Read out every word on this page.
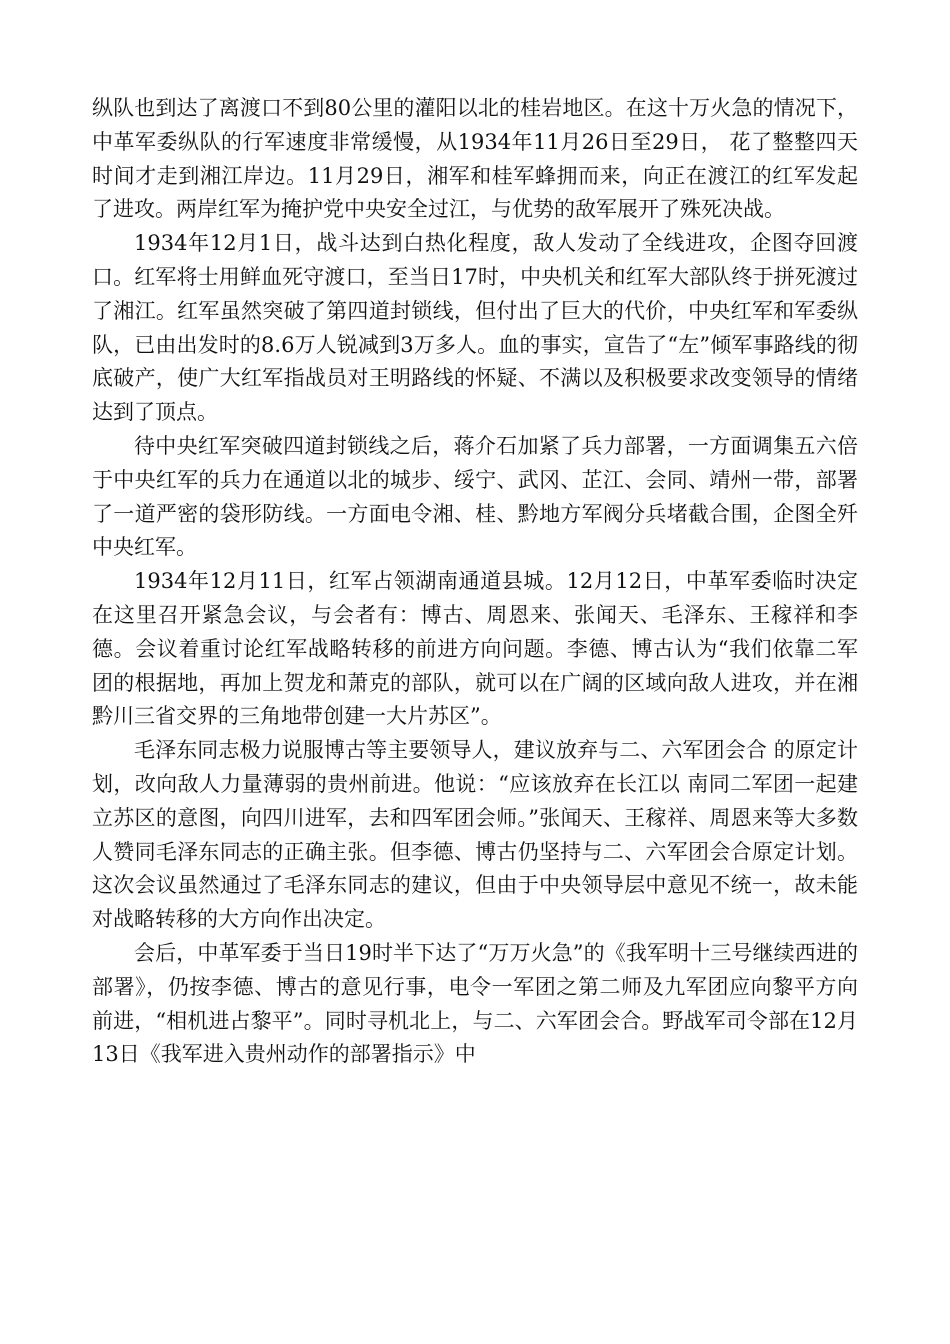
纵队也到达了离渡口不到80公里的灌阳以北的桂岩地区。在这十万火急的情况下，中革军委纵队的行军速度非常缓慢，从1934年11月26日至29日， 花了整整四天时间才走到湘江岸边。11月29日，湘军和桂军蜂拥而来，向正在渡江的红军发起了进攻。两岸红军为掩护党中央安全过江，与优势的敌军展开了殊死决战。

1934年12月1日，战斗达到白热化程度，敌人发动了全线进攻，企图夺回渡口。红军将士用鲜血死守渡口，至当日17时，中央机关和红军大部队终于拼死渡过了湘江。红军虽然突破了第四道封锁线，但付出了巨大的代价，中央红军和军委纵队，已由出发时的8.6万人锐减到3万多人。血的事实，宣告了“左”倾军事路线的彻底破产，使广大红军指战员对王明路线的怀疑、不满以及积极要求改变领导的情绪达到了顶点。

待中央红军突破四道封锁线之后，蒋介石加紧了兵力部署，一方面调集五六倍于中央红军的兵力在通道以北的城步、绥宁、武冈、芷江、会同、靖州一带，部署了一道严密的袋形防线。一方面电令湘、桂、黔地方军阀分兵堵截合围，企图全歼中央红军。

1934年12月11日，红军占领湖南通道县城。12月12日，中革军委临时决定在这里召开紧急会议，与会者有：博古、周恩来、张闻天、毛泽东、王稼祥和李德。会议着重讨论红军战略转移的前进方向问题。李德、博古认为“我们依靠二军团的根据地，再加上贺龙和萧克的部队，就可以在广阔的区域向敌人进攻，并在湘黔川三省交界的三角地带创建一大片苏区”。

毛泽东同志极力说服博古等主要领导人，建议放弃与二、六军团会合 的原定计划，改向敌人力量薄弱的贵州前进。他说：“应该放弃在长江以 南同二军团一起建立苏区的意图，向四川进军，去和四军团会师。”张闻天、王稼祥、周恩来等大多数人赞同毛泽东同志的正确主张。但李德、博古仍坚持与二、六军团会合原定计划。这次会议虽然通过了毛泽东同志的建议，但由于中央领导层中意见不统一，故未能对战略转移的大方向作出决定。

会后，中革军委于当日19时半下达了“万万火急”的《我军明十三号继续西进的部署》，仍按李德、博古的意见行事，电令一军团之第二师及九军团应向黎平方向前进，“相机进占黎平”。同时寻机北上，与二、六军团会合。野战军司令部在12月13日《我军进入贵州动作的部署指示》中
